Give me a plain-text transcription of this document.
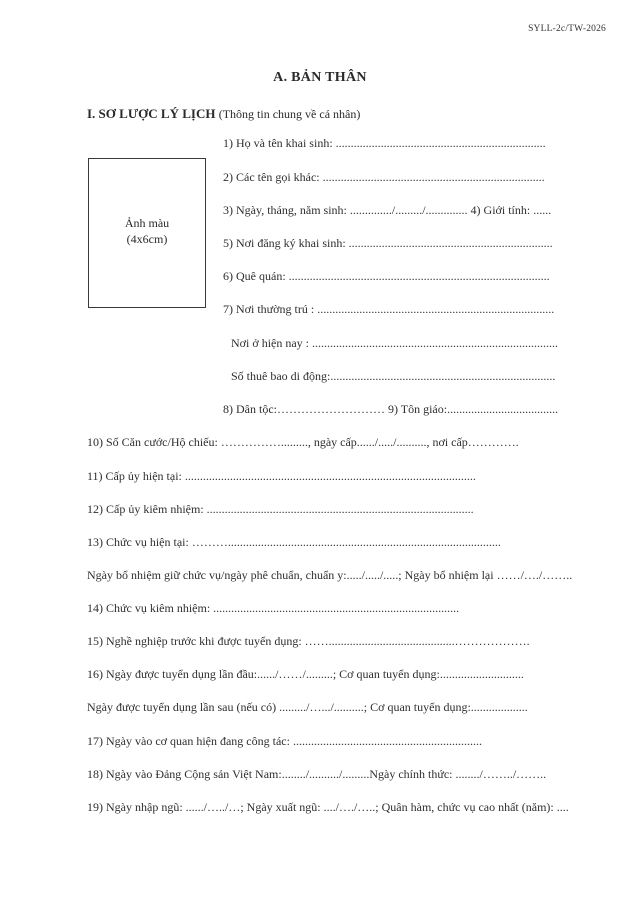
SYLL-2c/TW-2026
A. BẢN THÂN
I. SƠ LƯỢC LÝ LỊCH (Thông tin chung về cá nhân)
Ảnh màu
(4x6cm)
1) Họ và tên khai sinh: ......................................................................
2) Các tên gọi khác: ..........................................................................
3) Ngày, tháng, năm sinh: ............../........./.............. 4) Giới tính: ......
5) Nơi đăng ký khai sinh: ....................................................................
6) Quê quán: .......................................................................................
7) Nơi thường trú : ...............................................................................
Nơi ở hiện nay : ..................................................................................
Số thuê bao di động:...........................................................................
8) Dân tộc:……………………… 9) Tôn giáo:.....................................
10) Số Căn cước/Hộ chiếu: ……………........., ngày cấp....../...../.........., nơi cấp………….
11) Cấp ủy hiện tại: .................................................................................................
12) Cấp ủy kiêm nhiệm: .........................................................................................
13) Chức vụ hiện tại: ………...........................................................................................
Ngày bổ nhiệm giữ chức vụ/ngày phê chuẩn, chuẩn y:...../...../.....; Ngày bổ nhiệm lại ……/…./……..
14) Chức vụ kiêm nhiệm: ..................................................................................
15) Nghề nghiệp trước khi được tuyển dụng: ……..........................................……………….
16) Ngày được tuyển dụng lần đầu:....../……/.........; Cơ quan tuyển dụng:............................
Ngày được tuyển dụng lần sau (nếu có) ........./….../..........; Cơ quan tuyển dụng:...................
17) Ngày vào cơ quan hiện đang công tác: ...............................................................
18) Ngày vào Đảng Cộng sản Việt Nam:......../........../.........Ngày chính thức: ......../……../……..
19) Ngày nhập ngũ: ....../…../…; Ngày xuất ngũ: ..../…./…..; Quân hàm, chức vụ cao nhất (năm): ....
